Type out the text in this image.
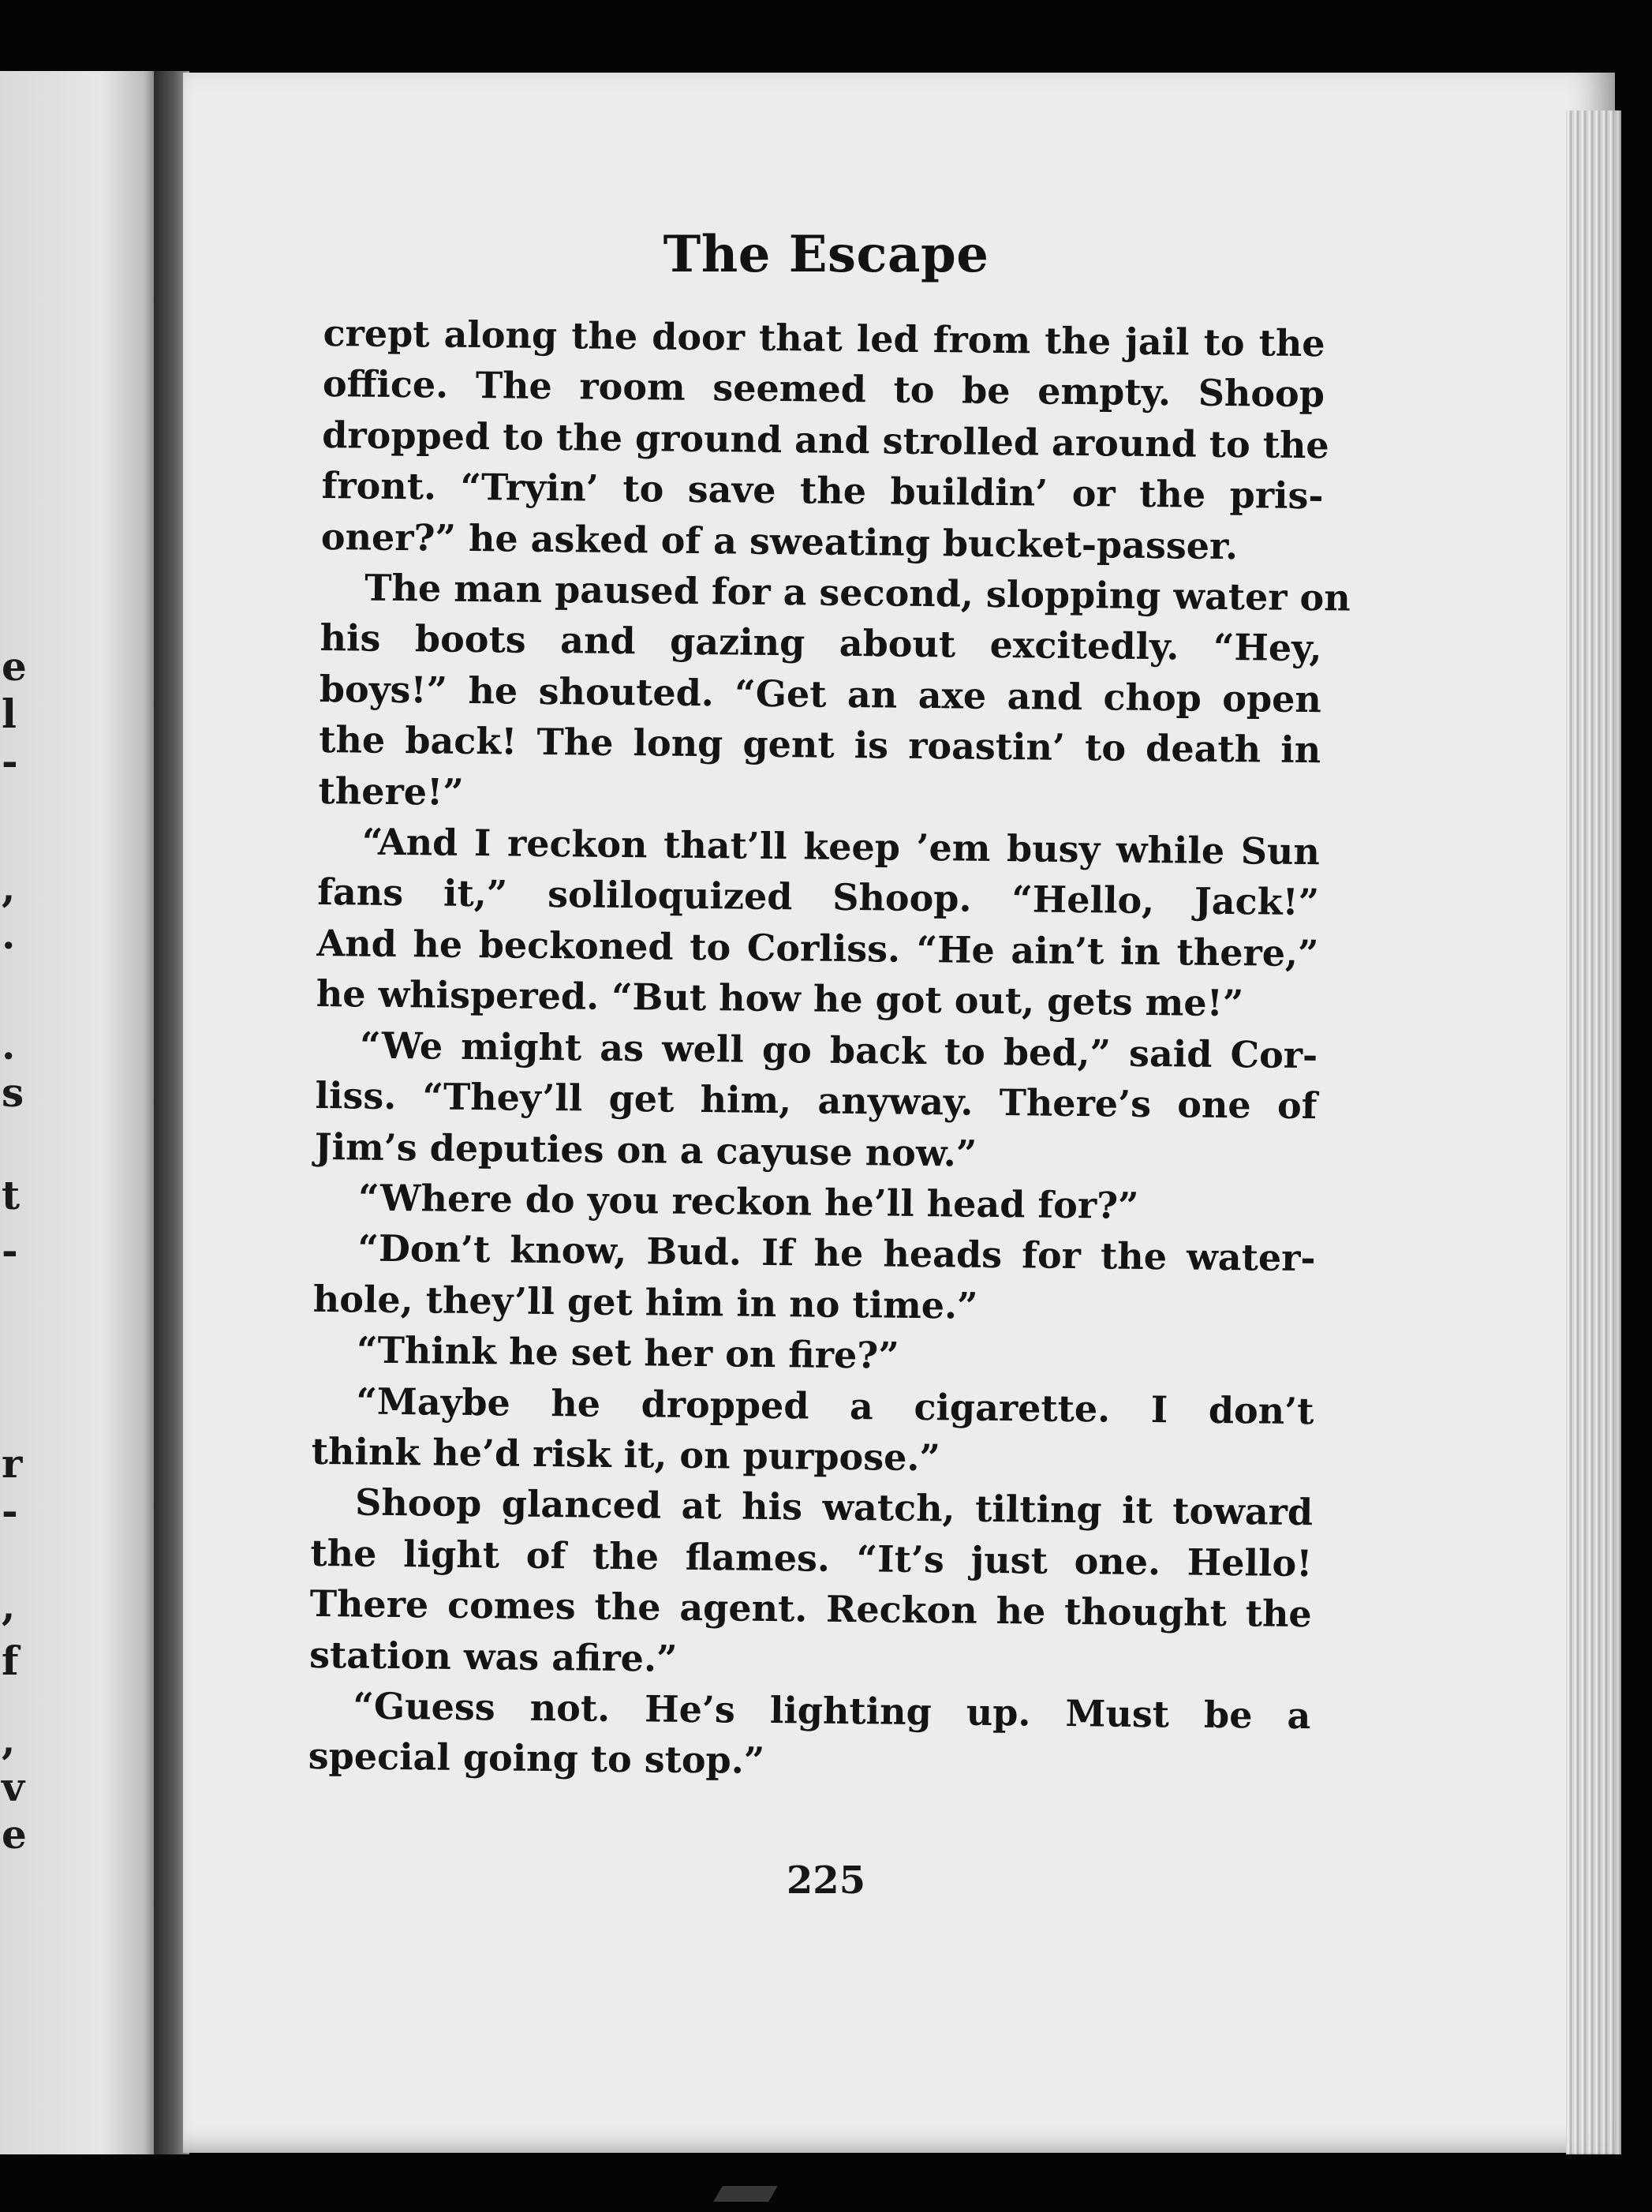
e
l
-
,
.
.
s
t
-
r
-
,
f
,
v
e
The Escape
crept along the door that led from the jail to the
office. The room seemed to be empty. Shoop
dropped to the ground and strolled around to the
front. “Tryin’ to save the buildin’ or the pris-
oner?” he asked of a sweating bucket-passer.
The man paused for a second, slopping water on
his boots and gazing about excitedly. “Hey,
boys!” he shouted. “Get an axe and chop open
the back! The long gent is roastin’ to death in
there!”
“And I reckon that’ll keep ’em busy while Sun
fans it,” soliloquized Shoop. “Hello, Jack!”
And he beckoned to Corliss. “He ain’t in there,”
he whispered. “But how he got out, gets me!”
“We might as well go back to bed,” said Cor-
liss. “They’ll get him, anyway. There’s one of
Jim’s deputies on a cayuse now.”
“Where do you reckon he’ll head for?”
“Don’t know, Bud. If he heads for the water-
hole, they’ll get him in no time.”
“Think he set her on fire?”
“Maybe he dropped a cigarette. I don’t
think he’d risk it, on purpose.”
Shoop glanced at his watch, tilting it toward
the light of the flames. “It’s just one. Hello!
There comes the agent. Reckon he thought the
station was afire.”
“Guess not. He’s lighting up. Must be a
special going to stop.”
225
